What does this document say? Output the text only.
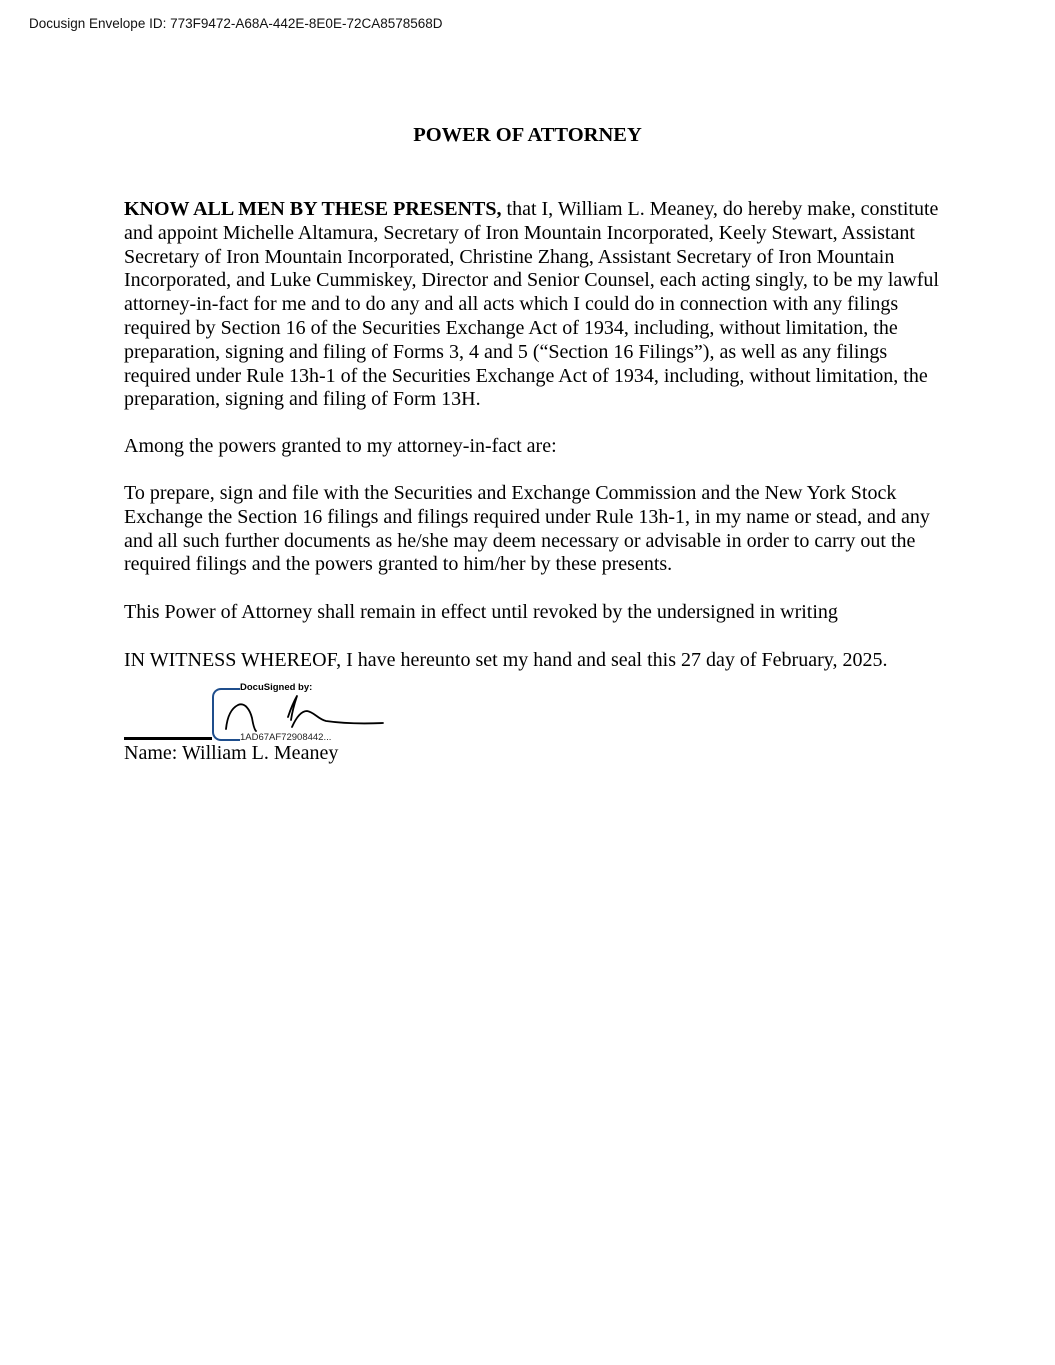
Docusign Envelope ID: 773F9472-A68A-442E-8E0E-72CA8578568D
POWER OF ATTORNEY

KNOW ALL MEN BY THESE PRESENTS, that I, William L. Meaney, do hereby make, constitute and appoint Michelle Altamura, Secretary of Iron Mountain Incorporated, Keely Stewart, Assistant Secretary of Iron Mountain Incorporated, Christine Zhang, Assistant Secretary of Iron Mountain Incorporated, and Luke Cummiskey, Director and Senior Counsel, each acting singly, to be my lawful attorney-in-fact for me and to do any and all acts which I could do in connection with any filings required by Section 16 of the Securities Exchange Act of 1934, including, without limitation, the preparation, signing and filing of Forms 3, 4 and 5 (“Section 16 Filings”), as well as any filings required under Rule 13h-1 of the Securities Exchange Act of 1934, including, without limitation, the preparation, signing and filing of Form 13H.

Among the powers granted to my attorney-in-fact are:

To prepare, sign and file with the Securities and Exchange Commission and the New York Stock Exchange the Section 16 filings and filings required under Rule 13h-1, in my name or stead, and any and all such further documents as he/she may deem necessary or advisable in order to carry out the required filings and the powers granted to him/her by these presents.

This Power of Attorney shall remain in effect until revoked by the undersigned in writing

IN WITNESS WHEREOF, I have hereunto set my hand and seal this 27 day of February, 2025.

DocuSigned by:
1AD67AF72908442...
Name: William L. Meaney
